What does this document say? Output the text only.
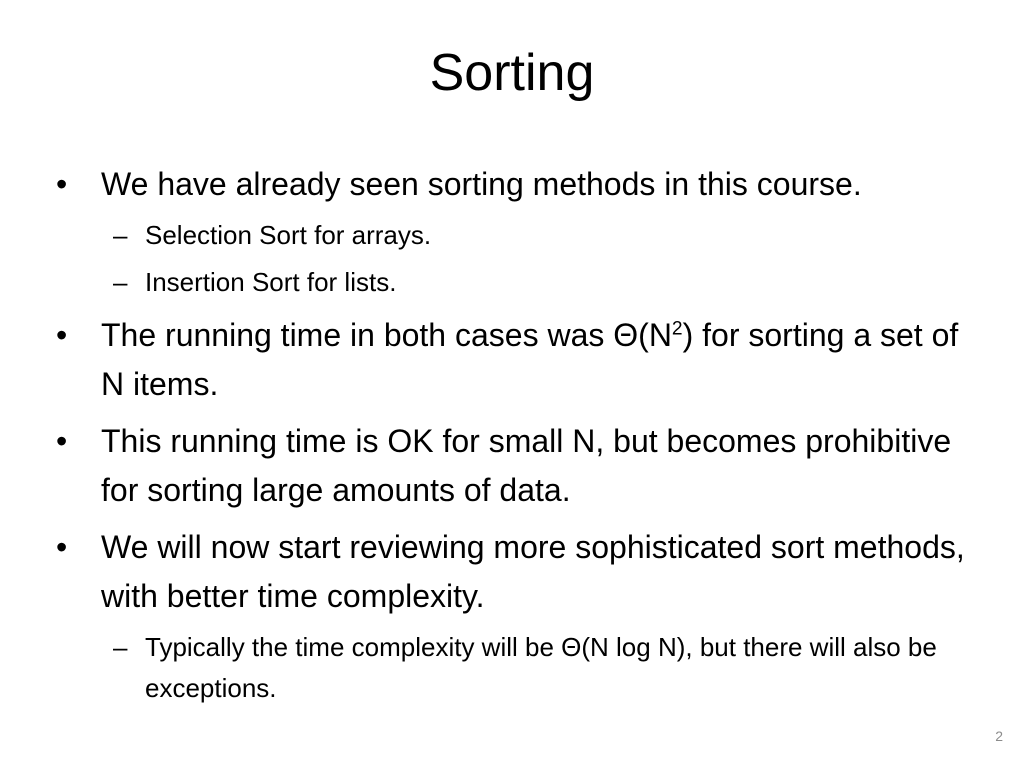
Sorting
•	We have already seen sorting methods in this course.
– Selection Sort for arrays.
– Insertion Sort for lists.
•	The running time in both cases was $\Theta(N^2)$ for sorting a set of N items.
•	This running time is OK for small N, but becomes prohibitive for sorting large amounts of data.
•	We will now start reviewing more sophisticated sort methods, with better time complexity.
– Typically the time complexity will be Θ(N log N), but there will also be exceptions.
2
